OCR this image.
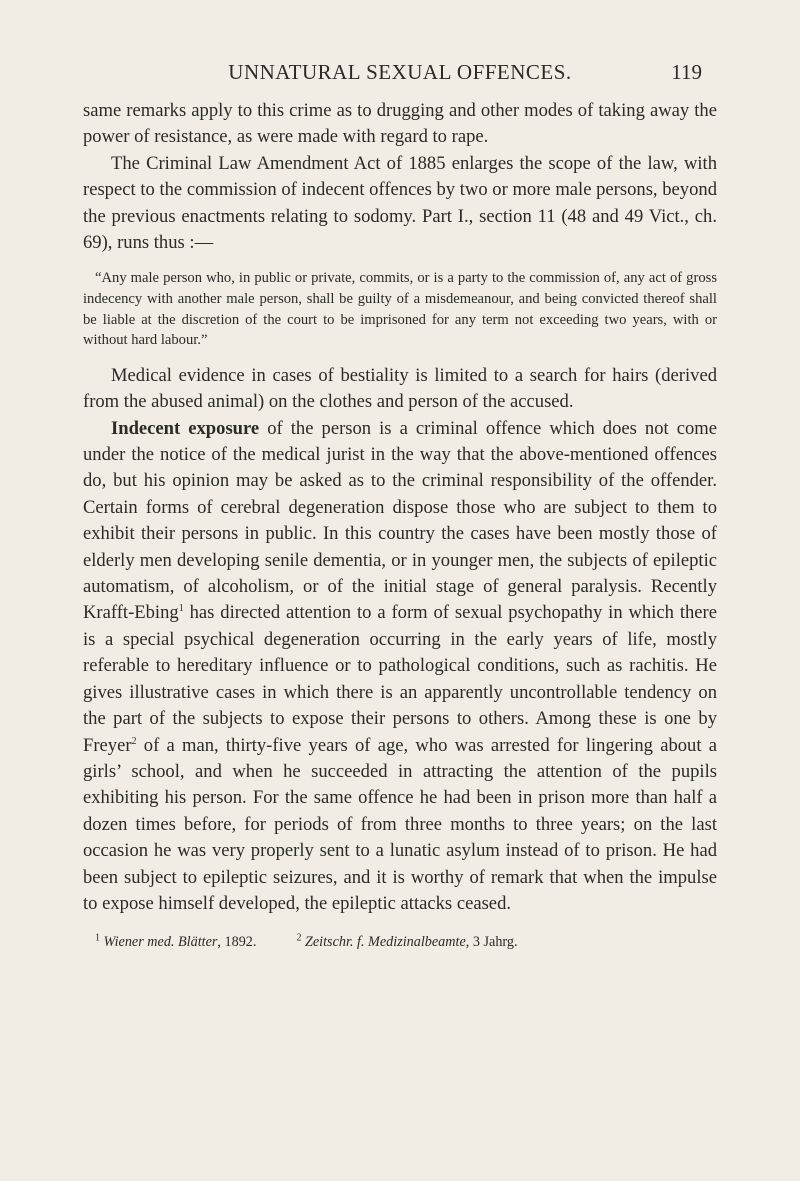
UNNATURAL SEXUAL OFFENCES.	119

same remarks apply to this crime as to drugging and other modes of taking away the power of resistance, as were made with regard to rape.

The Criminal Law Amendment Act of 1885 enlarges the scope of the law, with respect to the commission of indecent offences by two or more male persons, beyond the previous enactments relating to sodomy. Part I., section 11 (48 and 49 Vict., ch. 69), runs thus :—

“Any male person who, in public or private, commits, or is a party to the commission of, any act of gross indecency with another male person, shall be guilty of a misdemeanour, and being convicted thereof shall be liable at the discretion of the court to be imprisoned for any term not exceeding two years, with or without hard labour.”

Medical evidence in cases of bestiality is limited to a search for hairs (derived from the abused animal) on the clothes and person of the accused.

Indecent exposure of the person is a criminal offence which does not come under the notice of the medical jurist in the way that the above-mentioned offences do, but his opinion may be asked as to the criminal responsibility of the offender. Certain forms of cerebral degeneration dispose those who are subject to them to exhibit their persons in public. In this country the cases have been mostly those of elderly men developing senile dementia, or in younger men, the subjects of epileptic automatism, of alcoholism, or of the initial stage of general paralysis. Recently Krafft-Ebing$^1$ has directed attention to a form of sexual psychopathy in which there is a special psychical degeneration occurring in the early years of life, mostly referable to hereditary influence or to pathological conditions, such as rachitis. He gives illustrative cases in which there is an apparently uncontrollable tendency on the part of the subjects to expose their persons to others. Among these is one by Freyer$^2$ of a man, thirty-five years of age, who was arrested for lingering about a girls’ school, and when he succeeded in attracting the attention of the pupils exhibiting his person. For the same offence he had been in prison more than half a dozen times before, for periods of from three months to three years; on the last occasion he was very properly sent to a lunatic asylum instead of to prison. He had been subject to epileptic seizures, and it is worthy of remark that when the impulse to expose himself developed, the epileptic attacks ceased.

$^1$ Wiener med. Blätter, 1892.	$^2$ Zeitschr. f. Medizinalbeamte, 3 Jahrg.
